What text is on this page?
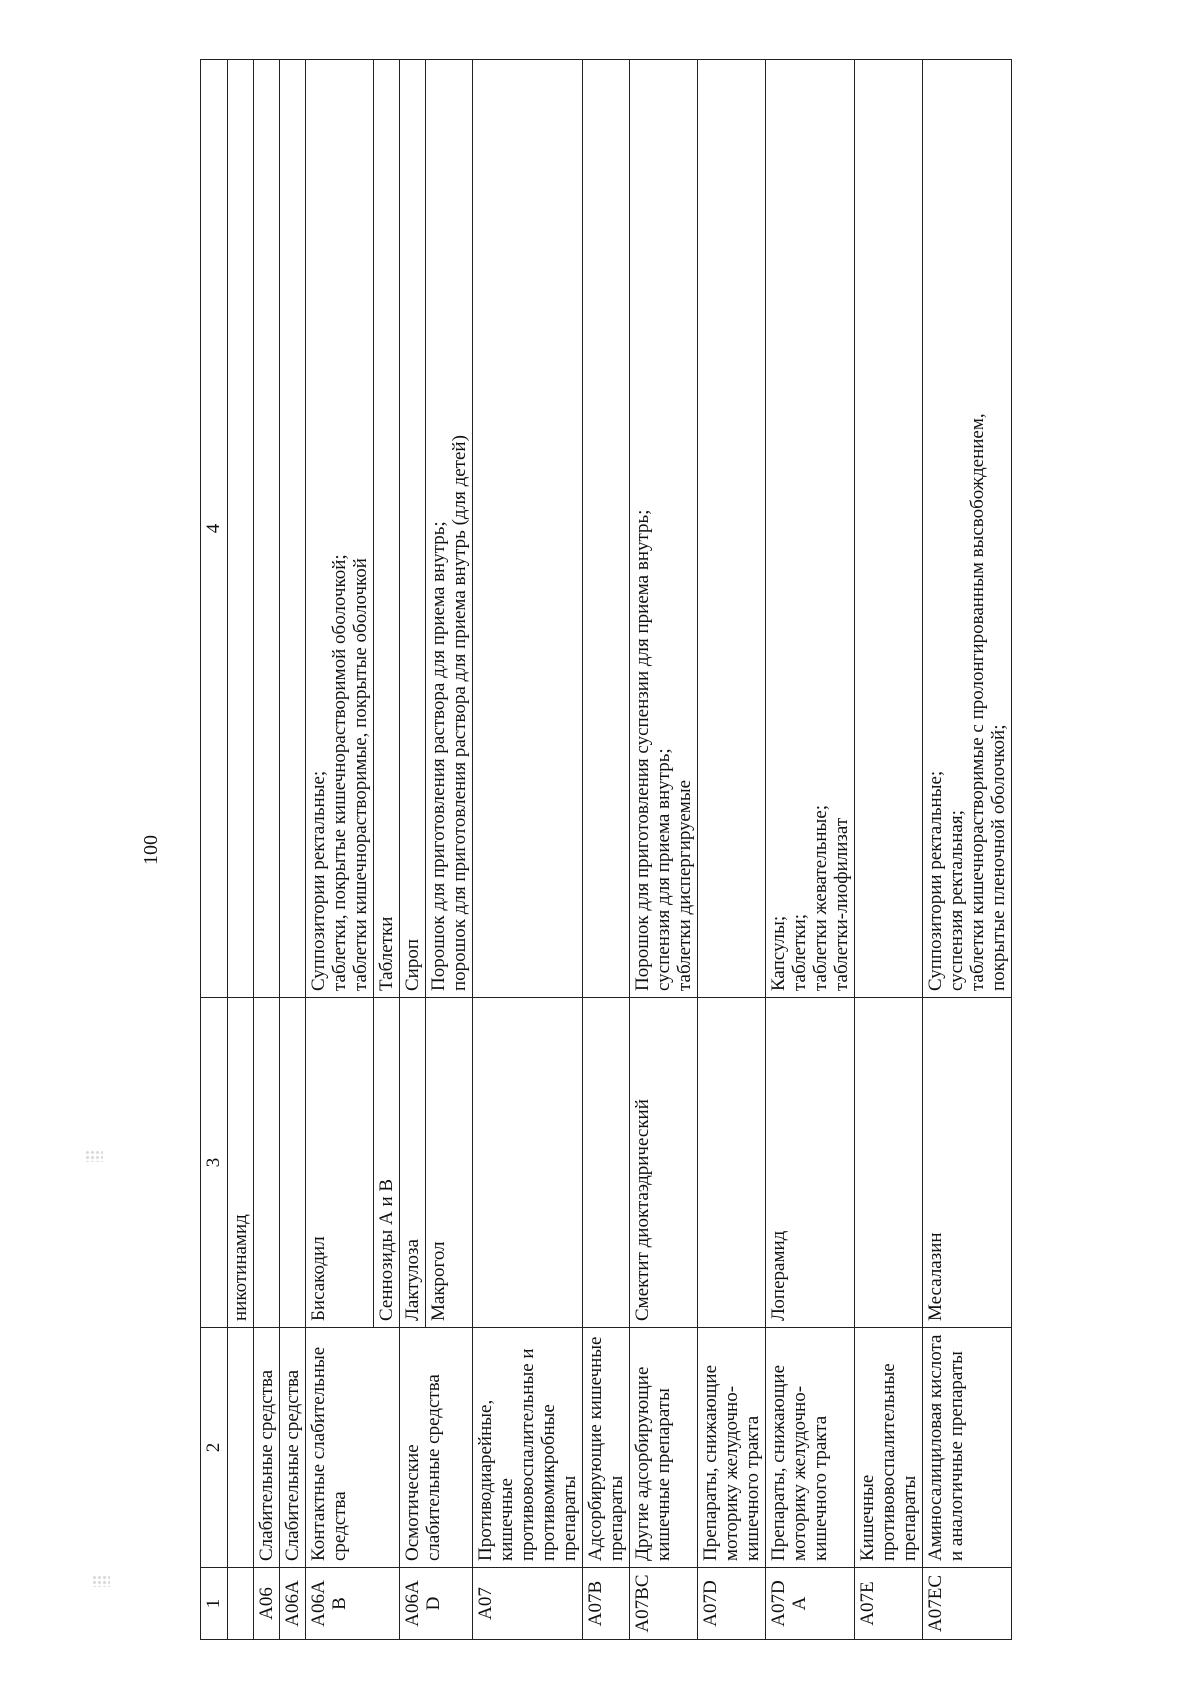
100
1	2	3	4
		никотинамид	
A06	Слабительные средства		
A06A	Слабительные средства		
A06AB	Контактные слабительные средства	Бисакодил	Суппозитории ректальные; таблетки, покрытые кишечнорастворимой оболочкой; таблетки кишечнорастворимые, покрытые оболочкой

		Сеннозиды А и В	Таблетки

A06AD	Осмотические слабительные средства	Лактулоза	Сироп

		Макрогол	Порошок для приготовления раствора для приема внутрь; порошок для приготовления раствора для приема внутрь (для детей)

A07	Противодиарейные, кишечные противовоспалительные и противомикробные препараты		
A07B	Адсорбирующие кишечные препараты		
A07BC	Другие адсорбирующие кишечные препараты	Смектит диоктаэдрический	Порошок для приготовления суспензии для приема внутрь; суспензия для приема внутрь; таблетки диспергируемые

A07D	Препараты, снижающие моторику желудочно-кишечного тракта		
A07DA	Препараты, снижающие моторику желудочно-кишечного тракта	Лоперамид	Капсулы; таблетки; таблетки жевательные; таблетки-лиофилизат

A07E	Кишечные противовоспалительные препараты		
A07EC	Аминосалициловая кислота и аналогичные препараты	Месалазин	Суппозитории ректальные; суспензия ректальная; таблетки кишечнорастворимые с пролонгированным высвобождением, покрытые пленочной оболочкой;
